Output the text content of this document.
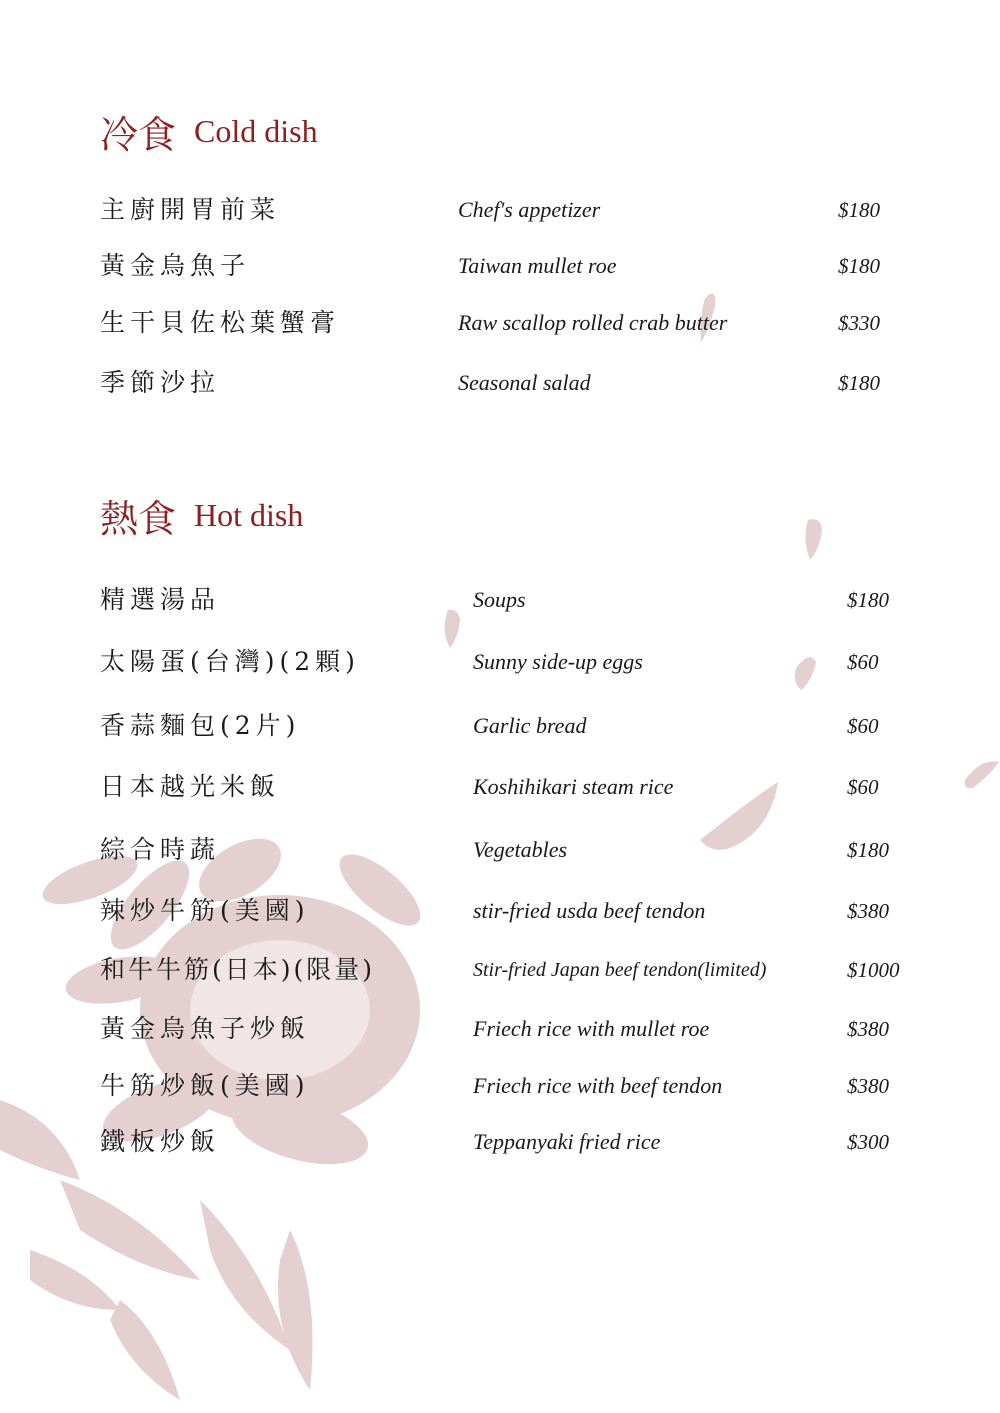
冷食 Cold dish
主廚開胃前菜	Chef's appetizer	$180
黃金烏魚子	Taiwan mullet roe	$180
生干貝佐松葉蟹膏	Raw scallop rolled crab butter	$330
季節沙拉	Seasonal salad	$180
熱食 Hot dish
精選湯品	Soups	$180
太陽蛋(台灣)(2顆)	Sunny side-up eggs	$60
香蒜麵包(2片)	Garlic bread	$60
日本越光米飯	Koshihikari steam rice	$60
綜合時蔬	Vegetables	$180
辣炒牛筋(美國)	stir-fried usda beef tendon	$380
和牛牛筋(日本)(限量)	Stir-fried Japan beef tendon(limited)	$1000
黃金烏魚子炒飯	Friech rice with mullet roe	$380
牛筋炒飯(美國)	Friech rice with beef tendon	$380
鐵板炒飯	Teppanyaki fried rice	$300
